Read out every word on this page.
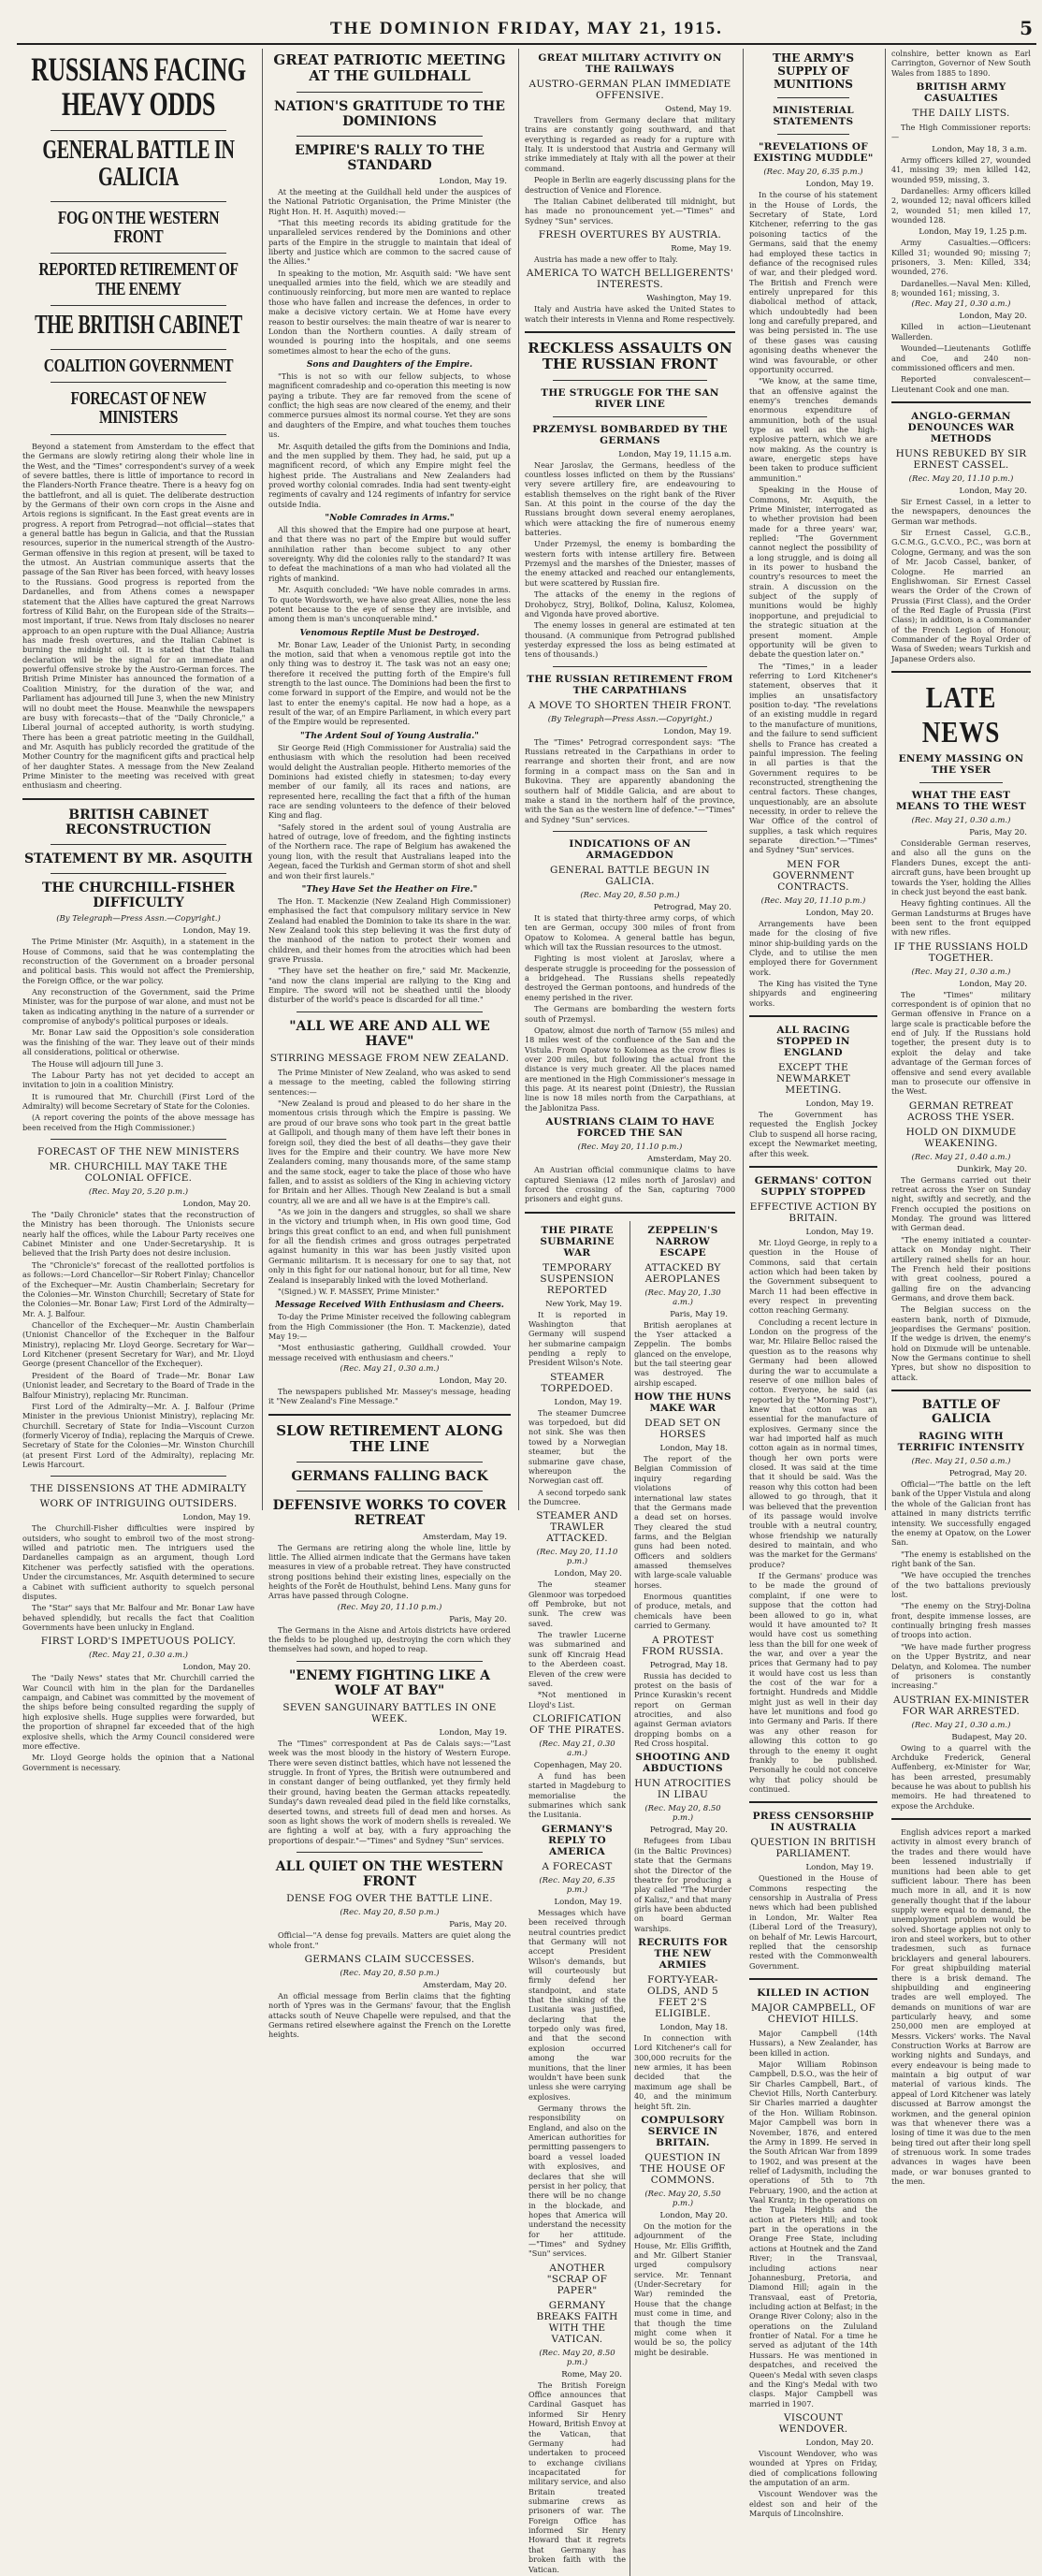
THE DOMINION FRIDAY, MAY 21, 1915.	5
RUSSIANS FACING HEAVY ODDS
GENERAL BATTLE IN GALICIA
FOG ON THE WESTERN FRONT
REPORTED RETIREMENT OF THE ENEMY
THE BRITISH CABINET
COALITION GOVERNMENT
FORECAST OF NEW MINISTERS

Beyond a statement from Amsterdam to the effect that the Germans are slowly retiring along their whole line in the West, and the "Times" correspondent's survey of a week of severe battles, there is little of importance to record in the Flanders-North France theatre. There is a heavy fog on the battlefront, and all is quiet. The deliberate destruction by the Germans of their own corn crops in the Aisne and Artois regions is significant. In the East great events are in progress. A report from Petrograd—not official—states that a general battle has begun in Galicia, and that the Russian resources, superior in the numerical strength of the Austro-German offensive in this region at present, will be taxed to the utmost. An Austrian communique asserts that the passage of the San River has been forced, with heavy losses to the Russians. Good progress is reported from the Dardanelles, and from Athens comes a newspaper statement that the Allies have captured the great Narrows fortress of Kilid Bahr, on the European side of the Straits—most important, if true. News from Italy discloses no nearer approach to an open rupture with the Dual Alliance; Austria has made fresh overtures, and the Italian Cabinet is burning the midnight oil. It is stated that the Italian declaration will be the signal for an immediate and powerful offensive stroke by the Austro-German forces. The British Prime Minister has announced the formation of a Coalition Ministry, for the duration of the war, and Parliament has adjourned till June 3, when the new Ministry will no doubt meet the House. Meanwhile the newspapers are busy with forecasts—that of the "Daily Chronicle," a Liberal journal of accepted authority, is worth studying. There has been a great patriotic meeting in the Guildhall, and Mr. Asquith has publicly recorded the gratitude of the Mother Country for the magnificent gifts and practical help of her daughter States. A message from the New Zealand Prime Minister to the meeting was received with great enthusiasm and cheering.

BRITISH CABINET RECONSTRUCTION
STATEMENT BY MR. ASQUITH
THE CHURCHILL-FISHER DIFFICULTY
(By Telegraph—Press Assn.—Copyright.)
London, May 19.

The Prime Minister (Mr. Asquith), in a statement in the House of Commons, said that he was contemplating the reconstruction of the Government on a broader personal and political basis. This would not affect the Premiership, the Foreign Office, or the war policy.

Any reconstruction of the Government, said the Prime Minister, was for the purpose of war alone, and must not be taken as indicating anything in the nature of a surrender or compromise of anybody's political purposes or ideals.

Mr. Bonar Law said the Opposition's sole consideration was the finishing of the war. They leave out of their minds all considerations, political or otherwise.

The House will adjourn till June 3.

The Labour Party has not yet decided to accept an invitation to join in a coalition Ministry.

It is rumoured that Mr. Churchill (First Lord of the Admiralty) will become Secretary of State for the Colonies.

(A report covering the points of the above message has been received from the High Commissioner.)

FORECAST OF THE NEW MINISTERS
MR. CHURCHILL MAY TAKE THE COLONIAL OFFICE.
(Rec. May 20, 5.20 p.m.)
London, May 20.

The "Daily Chronicle" states that the reconstruction of the Ministry has been thorough. The Unionists secure nearly half the offices, while the Labour Party receives one Cabinet Minister and one Under-Secretaryship. It is believed that the Irish Party does not desire inclusion.

The "Chronicle's" forecast of the reallotted portfolios is as follows:—Lord Chancellor—Sir Robert Finlay; Chancellor of the Exchequer—Mr. Austin Chamberlain; Secretary for the Colonies—Mr. Winston Churchill; Secretary of State for the Colonies—Mr. Bonar Law; First Lord of the Admiralty—Mr. A. J. Balfour.

Chancellor of the Exchequer—Mr. Austin Chamberlain (Unionist Chancellor of the Exchequer in the Balfour Ministry), replacing Mr. Lloyd George. Secretary for War—Lord Kitchener (present Secretary for War), and Mr. Lloyd George (present Chancellor of the Exchequer).

President of the Board of Trade—Mr. Bonar Law (Unionist leader, and Secretary to the Board of Trade in the Balfour Ministry), replacing Mr. Runciman.

First Lord of the Admiralty—Mr. A. J. Balfour (Prime Minister in the previous Unionist Ministry), replacing Mr. Churchill. Secretary of State for India—Viscount Curzon (formerly Viceroy of India), replacing the Marquis of Crewe. Secretary of State for the Colonies—Mr. Winston Churchill (at present First Lord of the Admiralty), replacing Mr. Lewis Harcourt.

THE DISSENSIONS AT THE ADMIRALTY
WORK OF INTRIGUING OUTSIDERS.
London, May 19.

The Churchill-Fisher difficulties were inspired by outsiders, who sought to embroil two of the most strong-willed and patriotic men. The intriguers used the Dardanelles campaign as an argument, though Lord Kitchener was perfectly satisfied with the operations. Under the circumstances, Mr. Asquith determined to secure a Cabinet with sufficient authority to squelch personal disputes.

The "Star" says that Mr. Balfour and Mr. Bonar Law have behaved splendidly, but recalls the fact that Coalition Governments have been unlucky in England.

FIRST LORD'S IMPETUOUS POLICY.
(Rec. May 21, 0.30 a.m.)
London, May 20.

The "Daily News" states that Mr. Churchill carried the War Council with him in the plan for the Dardanelles campaign, and Cabinet was committed by the movement of the ships before being consulted regarding the supply of high explosive shells. Huge supplies were forwarded, but the proportion of shrapnel far exceeded that of the high explosive shells, which the Army Council considered were more effective.

Mr. Lloyd George holds the opinion that a National Government is necessary.

GREAT PATRIOTIC MEETING AT THE GUILDHALL
NATION'S GRATITUDE TO THE DOMINIONS
EMPIRE'S RALLY TO THE STANDARD
London, May 19.

At the meeting at the Guildhall held under the auspices of the National Patriotic Organisation, the Prime Minister (the Right Hon. H. H. Asquith) moved:—

"That this meeting records its abiding gratitude for the unparalleled services rendered by the Dominions and other parts of the Empire in the struggle to maintain that ideal of liberty and justice which are common to the sacred cause of the Allies."

In speaking to the motion, Mr. Asquith said: "We have sent unequalled armies into the field, which we are steadily and continuously reinforcing, but more men are wanted to replace those who have fallen and increase the defences, in order to make a decisive victory certain. We at Home have every reason to bestir ourselves: the main theatre of war is nearer to London than the Northern counties. A daily stream of wounded is pouring into the hospitals, and one seems sometimes almost to hear the echo of the guns.

Sons and Daughters of the Empire.

"This is not so with our fellow subjects, to whose magnificent comradeship and co-operation this meeting is now paying a tribute. They are far removed from the scene of conflict; the high seas are now cleared of the enemy, and their commerce pursues almost its normal course. Yet they are sons and daughters of the Empire, and what touches them touches us.

Mr. Asquith detailed the gifts from the Dominions and India, and the men supplied by them. They had, he said, put up a magnificent record, of which any Empire might feel the highest pride. The Australians and New Zealanders had proved worthy colonial comrades. India had sent twenty-eight regiments of cavalry and 124 regiments of infantry for service outside India.

"Noble Comrades in Arms."

All this showed that the Empire had one purpose at heart, and that there was no part of the Empire but would suffer annihilation rather than become subject to any other sovereignty. Why did the colonies rally to the standard? It was to defeat the machinations of a man who had violated all the rights of mankind.

Mr. Asquith concluded: "We have noble comrades in arms. To quote Wordsworth, we have also great Allies, none the less potent because to the eye of sense they are invisible, and among them is man's unconquerable mind."

Venomous Reptile Must be Destroyed.

Mr. Bonar Law, Leader of the Unionist Party, in seconding the motion, said that when a venomous reptile got into the only thing was to destroy it. The task was not an easy one; therefore it received the putting forth of the Empire's full strength to the last ounce. The Dominions had been the first to come forward in support of the Empire, and would not be the last to enter the enemy's capital. He now had a hope, as a result of the war, of an Empire Parliament, in which every part of the Empire would be represented.

"The Ardent Soul of Young Australia."

Sir George Reid (High Commissioner for Australia) said the enthusiasm with which the resolution had been received would delight the Australian people. Hitherto memories of the Dominions had existed chiefly in statesmen; to-day every member of our family, all its races and nations, are represented here, recalling the fact that a fifth of the human race are sending volunteers to the defence of their beloved King and flag.

"Safely stored in the ardent soul of young Australia are hatred of outrage, love of freedom, and the fighting instincts of the Northern race. The rape of Belgium has awakened the young lion, with the result that Australians leaped into the Aegean, faced the Turkish and German storm of shot and shell and won their first laurels."

"They Have Set the Heather on Fire."

The Hon. T. Mackenzie (New Zealand High Commissioner) emphasised the fact that compulsory military service in New Zealand had enabled the Dominion to take its share in the war. New Zealand took this step believing it was the first duty of the manhood of the nation to protect their women and children, and their homes from the atrocities which had been grave Prussia.

"They have set the heather on fire," said Mr. Mackenzie, "and now the clans imperial are rallying to the King and Empire. The sword will not be sheathed until the bloody disturber of the world's peace is discarded for all time."

"ALL WE ARE AND ALL WE HAVE"
STIRRING MESSAGE FROM NEW ZEALAND.

The Prime Minister of New Zealand, who was asked to send a message to the meeting, cabled the following stirring sentences:—

"New Zealand is proud and pleased to do her share in the momentous crisis through which the Empire is passing. We are proud of our brave sons who took part in the great battle at Gallipoli, and though many of them have left their bones in foreign soil, they died the best of all deaths—they gave their lives for the Empire and their country. We have more New Zealanders coming, many thousands more, of the same stamp and the same stock, eager to take the place of those who have fallen, and to assist as soldiers of the King in achieving victory for Britain and her Allies. Though New Zealand is but a small country, all we are and all we have is at the Empire's call.

"As we join in the dangers and struggles, so shall we share in the victory and triumph when, in His own good time, God brings this great conflict to an end, and when full punishment for all the fiendish crimes and gross outrages perpetrated against humanity in this war has been justly visited upon Germanic militarism. It is necessary for one to say that, not only in this fight for our national honour, but for all time, New Zealand is inseparably linked with the loved Motherland.

"(Signed.) W. F. MASSEY, Prime Minister."

Message Received With Enthusiasm and Cheers.

To-day the Prime Minister received the following cablegram from the High Commissioner (the Hon. T. Mackenzie), dated May 19:—

"Most enthusiastic gathering, Guildhall crowded. Your message received with enthusiasm and cheers."

(Rec. May 21, 0.30 a.m.)
London, May 20.

The newspapers published Mr. Massey's message, heading it "New Zealand's Fine Message."

SLOW RETIREMENT ALONG THE LINE
GERMANS FALLING BACK
DEFENSIVE WORKS TO COVER RETREAT
Amsterdam, May 19.

The Germans are retiring along the whole line, little by little. The Allied airmen indicate that the Germans have taken measures in view of a probable retreat. They have constructed strong positions behind their existing lines, especially on the heights of the Forêt de Houthulst, behind Lens. Many guns for Arras have passed through Cologne.

(Rec. May 20, 11.10 p.m.)
Paris, May 20.

The Germans in the Aisne and Artois districts have ordered the fields to be ploughed up, destroying the corn which they themselves had sown, and hoped to reap.

"ENEMY FIGHTING LIKE A WOLF AT BAY"
SEVEN SANGUINARY BATTLES IN ONE WEEK.
London, May 19.

The "Times" correspondent at Pas de Calais says:—"Last week was the most bloody in the history of Western Europe. There were seven distinct battles, which have not lessened the struggle. In front of Ypres, the British were outnumbered and in constant danger of being outflanked, yet they firmly held their ground, having beaten the German attacks repeatedly. Sunday's dawn revealed dead piled in the field like cornstalks, deserted towns, and streets full of dead men and horses. As soon as light shows the work of modern shells is revealed. We are fighting a wolf at bay, with a fury approaching the proportions of despair."—"Times" and Sydney "Sun" services.

ALL QUIET ON THE WESTERN FRONT
DENSE FOG OVER THE BATTLE LINE.
(Rec. May 20, 8.50 p.m.)
Paris, May 20.

Official—"A dense fog prevails. Matters are quiet along the whole front."

GERMANS CLAIM SUCCESSES.
(Rec. May 20, 8.50 p.m.)
Amsterdam, May 20.

An official message from Berlin claims that the fighting north of Ypres was in the Germans' favour, that the English attacks south of Neuve Chapelle were repulsed, and that the Germans retired elsewhere against the French on the Lorette heights.

GREAT MILITARY ACTIVITY ON THE RAILWAYS
AUSTRO-GERMAN PLAN IMMEDIATE OFFENSIVE.
Ostend, May 19.

Travellers from Germany declare that military trains are constantly going southward, and that everything is regarded as ready for a rupture with Italy. It is understood that Austria and Germany will strike immediately at Italy with all the power at their command.

People in Berlin are eagerly discussing plans for the destruction of Venice and Florence.

The Italian Cabinet deliberated till midnight, but has made no pronouncement yet.—"Times" and Sydney "Sun" services.

FRESH OVERTURES BY AUSTRIA.
Rome, May 19.

Austria has made a new offer to Italy.

AMERICA TO WATCH BELLIGERENTS' INTERESTS.
Washington, May 19.

Italy and Austria have asked the United States to watch their interests in Vienna and Rome respectively.

RECKLESS ASSAULTS ON THE RUSSIAN FRONT
THE STRUGGLE FOR THE SAN RIVER LINE
PRZEMYSL BOMBARDED BY THE GERMANS
London, May 19, 11.15 a.m.

Near Jaroslav, the Germans, heedless of the countless losses inflicted on them by the Russians' very severe artillery fire, are endeavouring to establish themselves on the right bank of the River San. At this point in the course of the day the Russians brought down several enemy aeroplanes, which were attacking the fire of numerous enemy batteries.

Under Przemysl, the enemy is bombarding the western forts with intense artillery fire. Between Przemysl and the marshes of the Dniester, masses of the enemy attacked and reached our entanglements, but were scattered by Russian fire.

The attacks of the enemy in the regions of Drohobycz, Stryj, Bolikof, Dolina, Kalusz, Kolomea, and Vigonda have proved abortive.

The enemy losses in general are estimated at ten thousand. (A communique from Petrograd published yesterday expressed the loss as being estimated at tens of thousands.)

THE RUSSIAN RETIREMENT FROM THE CARPATHIANS
A MOVE TO SHORTEN THEIR FRONT.
(By Telegraph—Press Assn.—Copyright.)
London, May 19.

The "Times" Petrograd correspondent says: "The Russians retreated in the Carpathians in order to rearrange and shorten their front, and are now forming in a compact mass on the San and in Bukovina. They are apparently abandoning the southern half of Middle Galicia, and are about to make a stand in the northern half of the province, with the San as the western line of defence."—"Times" and Sydney "Sun" services.

INDICATIONS OF AN ARMAGEDDON
GENERAL BATTLE BEGUN IN GALICIA.
(Rec. May 20, 8.50 p.m.)
Petrograd, May 20.

It is stated that thirty-three army corps, of which ten are German, occupy 300 miles of front from Opatow to Kolomea. A general battle has begun, which will tax the Russian resources to the utmost.

Fighting is most violent at Jaroslav, where a desperate struggle is proceeding for the possession of a bridgehead. The Russians shells repeatedly destroyed the German pontoons, and hundreds of the enemy perished in the river.

The Germans are bombarding the western forts south of Przemysl.

Opatow, almost due north of Tarnow (55 miles) and 18 miles west of the confluence of the San and the Vistula. From Opatow to Kolomea as the crow flies is over 200 miles, but following the actual front the distance is very much greater. All the places named are mentioned in the High Commissioner's message in this page. At its nearest point (Dniestr), the Russian line is now 18 miles north from the Carpathians, at the Jablonitza Pass.

AUSTRIANS CLAIM TO HAVE FORCED THE SAN
(Rec. May 20, 11.10 p.m.)
Amsterdam, May 20.

An Austrian official communique claims to have captured Sieniawa (12 miles north of Jaroslav) and forced the crossing of the San, capturing 7000 prisoners and eight guns.

THE PIRATE SUBMARINE WAR
TEMPORARY SUSPENSION REPORTED
New York, May 19.

It is reported in Washington that Germany will suspend her submarine campaign pending a reply to President Wilson's Note.

STEAMER TORPEDOED.
London, May 19.

The steamer Dumcree was torpedoed, but did not sink. She was then towed by a Norwegian steamer, but the submarine gave chase, whereupon the Norwegian cast off.

A second torpedo sank the Dumcree.

STEAMER AND TRAWLER ATTACKED.
(Rec. May 20, 11.10 p.m.)
London, May 20.

The steamer Glenmoor was torpedoed off Pembroke, but not sunk. The crew was saved.

The trawler Lucerne was submarined and sunk off Kincraig Head to the Aberdeen coast. Eleven of the crew were saved.

*Not mentioned in Lloyd's List.

CLORIFICATION OF THE PIRATES.
(Rec. May 21, 0.30 a.m.)
Copenhagen, May 20.

A fund has been started in Magdeburg to memorialise the submarines which sank the Lusitania.

GERMANY'S REPLY TO AMERICA
A FORECAST
(Rec. May 20, 6.35 p.m.)
London, May 19.

Messages which have been received through neutral countries predict that Germany will not accept President Wilson's demands, but will courteously but firmly defend her standpoint, and state that the sinking of the Lusitania was justified, declaring that the torpedo only was fired, and that the second explosion occurred among the war munitions, that the liner wouldn't have been sunk unless she were carrying explosives.

Germany throws the responsibility on England, and also on the American authorities for permitting passengers to board a vessel loaded with explosives, and declares that she will persist in her policy, that there will be no change in the blockade, and hopes that America will understand the necessity for her attitude.—"Times" and Sydney "Sun" services.

ANOTHER "SCRAP OF PAPER"
GERMANY BREAKS FAITH WITH THE VATICAN.
(Rec. May 20, 8.50 p.m.)
Rome, May 20.

The British Foreign Office announces that Cardinal Gasquet has informed Sir Henry Howard, British Envoy at the Vatican, that Germany had undertaken to proceed to exchange civilians incapacitated for military service, and also Britain treated submarine crews as prisoners of war. The Foreign Office has informed Sir Henry Howard that it regrets that Germany has broken faith with the Vatican.

ZEPPELIN'S NARROW ESCAPE
ATTACKED BY AEROPLANES
(Rec. May 20, 1.30 a.m.)
Paris, May 19.

British aeroplanes at the Yser attacked a Zeppelin. The bombs glanced on the envelope, but the tail steering gear was destroyed. The airship escaped.

HOW THE HUNS MAKE WAR
DEAD SET ON HORSES
London, May 18.

The report of the Belgian Commission of inquiry regarding violations of international law states that the Germans made a dead set on horses. They cleared the stud farms, and the Belgian guns had been noted. Officers and soldiers amassed themselves with large-scale valuable horses.

Enormous quantities of produce, metals, and chemicals have been carried to Germany.

A PROTEST FROM RUSSIA.
Petrograd, May 18.

Russia has decided to protest on the basis of Prince Kuraskin's recent report on German atrocities, and also against German aviators dropping bombs on a Red Cross hospital.

SHOOTING AND ABDUCTIONS
HUN ATROCITIES IN LIBAU
(Rec. May 20, 8.50 p.m.)
Petrograd, May 20.

Refugees from Libau (in the Baltic Provinces) state that the Germans shot the Director of the theatre for producing a play called "The Murder of Kalisz," and that many girls have been abducted on board German warships.

RECRUITS FOR THE NEW ARMIES
FORTY-YEAR-OLDS, AND 5 FEET 2'S ELIGIBLE.
London, May 18.

In connection with Lord Kitchener's call for 300,000 recruits for the new armies, it has been decided that the maximum age shall be 40, and the minimum height 5ft. 2in.

COMPULSORY SERVICE IN BRITAIN.
QUESTION IN THE HOUSE OF COMMONS.
(Rec. May 20, 5.50 p.m.)
London, May 20.

On the motion for the adjournment of the House, Mr. Ellis Griffith, and Mr. Gilbert Stanier urged compulsory service. Mr. Tennant (Under-Secretary for War) reminded the House that the change must come in time, and that though the time might come when it would be so, the policy might be desirable.

THE ARMY'S SUPPLY OF MUNITIONS
MINISTERIAL STATEMENTS
"REVELATIONS OF EXISTING MUDDLE"
(Rec. May 20, 6.35 p.m.)
London, May 19.

In the course of his statement in the House of Lords, the Secretary of State, Lord Kitchener, referring to the gas poisoning tactics of the Germans, said that the enemy had employed these tactics in defiance of the recognised rules of war, and their pledged word. The British and French were entirely unprepared for this diabolical method of attack, which undoubtedly had been long and carefully prepared, and was being persisted in. The use of these gases was causing agonising deaths whenever the wind was favourable, or other opportunity occurred.

"We know, at the same time, that an offensive against the enemy's trenches demands enormous expenditure of ammunition, both of the usual type as well as the high-explosive pattern, which we are now making. As the country is aware, energetic steps have been taken to produce sufficient ammunition."

Speaking in the House of Commons, Mr. Asquith, the Prime Minister, interrogated as to whether provision had been made for a three years' war, replied: "The Government cannot neglect the possibility of a long struggle, and is doing all in its power to husband the country's resources to meet the strain. A discussion on the subject of the supply of munitions would be highly inopportune, and prejudicial to the strategic situation at the present moment. Ample opportunity will be given to debate the question later on."

The "Times," in a leader referring to Lord Kitchener's statement, observes that it implies an unsatisfactory position to-day. "The revelations of an existing muddle in regard to the manufacture of munitions, and the failure to send sufficient shells to France has created a painful impression. The feeling in all parties is that the Government requires to be reconstructed, strengthening the central factors. These changes, unquestionably, are an absolute necessity, in order to relieve the War Office of the control of supplies, a task which requires separate direction."—"Times" and Sydney "Sun" services.

MEN FOR GOVERNMENT CONTRACTS.
(Rec. May 20, 11.10 p.m.)
London, May 20.

Arrangements have been made for the closing of five minor ship-building yards on the Clyde, and to utilise the men employed there for Government work.

The King has visited the Tyne shipyards and engineering works.

ALL RACING STOPPED IN ENGLAND
EXCEPT THE NEWMARKET MEETING.
London, May 19.

The Government has requested the English Jockey Club to suspend all horse racing, except the Newmarket meeting, after this week.

GERMANS' COTTON SUPPLY STOPPED
EFFECTIVE ACTION BY BRITAIN.
London, May 19.

Mr. Lloyd George, in reply to a question in the House of Commons, said that certain action which had been taken by the Government subsequent to March 11 had been effective in every respect in preventing cotton reaching Germany.

Concluding a recent lecture in London on the progress of the war, Mr. Hilaire Belloc raised the question as to the reasons why Germany had been allowed during the war to accumulate a reserve of one million bales of cotton. Everyone, he said (as reported by the "Morning Post"), knew that cotton was an essential for the manufacture of explosives. Germany since the war had imported half as much cotton again as in normal times, though her own ports were closed. It was said at the time that it should be said. Was the reason why this cotton had been allowed to go through, that it was believed that the prevention of its passage would involve trouble with a neutral country, whose friendship we naturally desired to maintain, and who was the market for the Germans' produce?

If the Germans' produce was to be made the ground of complaint, if one were to suppose that the cotton had been allowed to go in, what would it have amounted to? It would have cost us something less than the bill for one week of the war, and over a year the prices that Germany had to pay it would have cost us less than the cost of the war for a fortnight. Hundreds and Middle might just as well in their day have let munitions and food go into Germany and Paris. If there was any other reason for allowing this cotton to go through to the enemy it ought frankly to be published. Personally he could not conceive why that policy should be continued.

PRESS CENSORSHIP IN AUSTRALIA
QUESTION IN BRITISH PARLIAMENT.
London, May 19.

Questioned in the House of Commons respecting the censorship in Australia of Press news which had been published in London, Mr. Walter Rea (Liberal Lord of the Treasury), on behalf of Mr. Lewis Harcourt, replied that the censorship rested with the Commonwealth Government.

KILLED IN ACTION
MAJOR CAMPBELL, OF CHEVIOT HILLS.

Major Campbell (14th Hussars), a New Zealander, has been killed in action.

Major William Robinson Campbell, D.S.O., was the heir of Sir Charles Campbell, Bart., of Cheviot Hills, North Canterbury. Sir Charles married a daughter of the Hon. William Robinson. Major Campbell was born in November, 1876, and entered the Army in 1899. He served in the South African War from 1899 to 1902, and was present at the relief of Ladysmith, including the operations of 5th to 7th February, 1900, and the action at Vaal Krantz; in the operations on the Tugela Heights and the action at Pieters Hill; and took part in the operations in the Orange Free State, including actions at Houtnek and the Zand River; in the Transvaal, including actions near Johannesburg, Pretoria, and Diamond Hill; again in the Transvaal, east of Pretoria, including action at Belfast; in the Orange River Colony; also in the operations on the Zululand frontier of Natal. For a time he served as adjutant of the 14th Hussars. He was mentioned in despatches, and received the Queen's Medal with seven clasps and the King's Medal with two clasps. Major Campbell was married in 1907.

VISCOUNT WENDOVER.
London, May 20.

Viscount Wendover, who was wounded at Ypres on Friday, died of complications following the amputation of an arm.

Viscount Wendover was the eldest son and heir of the Marquis of Lincolnshire.

colnshire, better known as Earl Carrington, Governor of New South Wales from 1885 to 1890.

BRITISH ARMY CASUALTIES
THE DAILY LISTS.

The High Commissioner reports:—

London, May 18, 3 a.m.

Army officers killed 27, wounded 41, missing 39; men killed 142, wounded 959, missing, 3.

Dardanelles: Army officers killed 2, wounded 12; naval officers killed 2, wounded 51; men killed 17, wounded 128.

London, May 19, 1.25 p.m.

Army Casualties.—Officers: Killed 31; wounded 90; missing 7; prisoners, 3. Men: Killed, 334; wounded, 276.

Dardanelles.—Naval Men: Killed, 8; wounded 161; missing, 3.

(Rec. May 21, 0.30 a.m.)
London, May 20.

Killed in action—Lieutenant Wallerden.

Wounded—Lieutenants Gotliffe and Coe, and 240 non-commissioned officers and men.

Reported convalescent—Lieutenant Cook and one man.

ANGLO-GERMAN DENOUNCES WAR METHODS
HUNS REBUKED BY SIR ERNEST CASSEL.
(Rec. May 20, 11.10 p.m.)
London, May 20.

Sir Ernest Cassel, in a letter to the newspapers, denounces the German war methods.

Sir Ernest Cassel, G.C.B., G.C.M.G., G.C.V.O., P.C., was born at Cologne, Germany, and was the son of Mr. Jacob Cassel, banker, of Cologne. He married an Englishwoman. Sir Ernest Cassel wears the Order of the Crown of Prussia (First Class), and the Order of the Red Eagle of Prussia (First Class); in addition, is a Commander of the French Legion of Honour, Commander of the Royal Order of Wasa of Sweden; wears Turkish and Japanese Orders also.

LATE NEWS
ENEMY MASSING ON THE YSER
WHAT THE EAST MEANS TO THE WEST
(Rec. May 21, 0.30 a.m.)
Paris, May 20.

Considerable German reserves, and also all the guns on the Flanders Dunes, except the anti-aircraft guns, have been brought up towards the Yser, holding the Allies in check just beyond the east bank.

Heavy fighting continues. All the German Landsturms at Bruges have been sent to the front equipped with new rifles.

IF THE RUSSIANS HOLD TOGETHER.
(Rec. May 21, 0.30 a.m.)
London, May 20.

The "Times" military correspondent is of opinion that no German offensive in France on a large scale is practicable before the end of July. If the Russians hold together, the present duty is to exploit the delay and take advantage of the German forces of offensive and send every available man to prosecute our offensive in the West.

GERMAN RETREAT ACROSS THE YSER.
HOLD ON DIXMUDE WEAKENING.
(Rec. May 21, 0.40 a.m.)
Dunkirk, May 20.

The Germans carried out their retreat across the Yser on Sunday night, swiftly and secretly, and the French occupied the positions on Monday. The ground was littered with German dead.

"The enemy initiated a counter-attack on Monday night. Their artillery rained shells for an hour. The French held their positions with great coolness, poured a galling fire on the advancing Germans, and drove them back.

The Belgian success on the eastern bank, north of Dixmude, jeopardises the Germans' position. If the wedge is driven, the enemy's hold on Dixmude will be untenable. Now the Germans continue to shell Ypres, but show no disposition to attack.

BATTLE OF GALICIA
RAGING WITH TERRIFIC INTENSITY
(Rec. May 21, 0.50 a.m.)
Petrograd, May 20.

Official—"The battle on the left bank of the Upper Vistula and along the whole of the Galician front has attained in many districts terrific intensity. We successfully engaged the enemy at Opatow, on the Lower San.

"The enemy is established on the right bank of the San.

"We have occupied the trenches of the two battalions previously lost.

"The enemy on the Stryj-Dolina front, despite immense losses, are continually bringing fresh masses of troops into action.

"We have made further progress on the Upper Bystritz, and near Delatyn, and Kolomea. The number of prisoners is constantly increasing."

AUSTRIAN EX-MINISTER FOR WAR ARRESTED.
(Rec. May 21, 0.30 a.m.)
Budapest, May 20.

Owing to a quarrel with the Archduke Frederick, General Auffenberg, ex-Minister for War, has been arrested, presumably because he was about to publish his memoirs. He had threatened to expose the Archduke.

English advices report a marked activity in almost every branch of the trades and there would have been lessened industrially if munitions had been able to get sufficient labour. There has been much more in all, and it is now generally thought that if the labour supply were equal to demand, the unemployment problem would be solved. Shortage applies not only to iron and steel workers, but to other tradesmen, such as furnace bricklayers and general labourers. For great shipbuilding material there is a brisk demand. The shipbuilding and engineering trades are well employed. The demands on munitions of war are particularly heavy, and some 250,000 men are employed at Messrs. Vickers' works. The Naval Construction Works at Barrow are working nights and Sundays, and every endeavour is being made to maintain a big output of war material of various kinds. The appeal of Lord Kitchener was lately discussed at Barrow amongst the workmen, and the general opinion was that whenever there was a losing of time it was due to the men being tired out after their long spell of strenuous work. In some trades advances in wages have been made, or war bonuses granted to the men.
